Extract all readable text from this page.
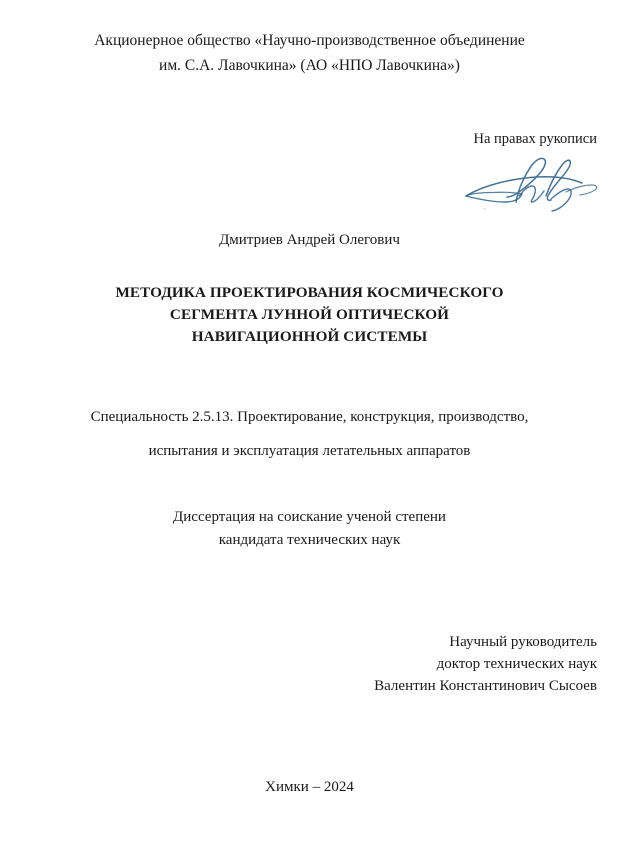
Акционерное общество «Научно-производственное объединение
им. С.А. Лавочкина» (АО «НПО Лавочкина»)
На правах рукописи
Дмитриев Андрей Олегович
МЕТОДИКА ПРОЕКТИРОВАНИЯ КОСМИЧЕСКОГО
СЕГМЕНТА ЛУННОЙ ОПТИЧЕСКОЙ
НАВИГАЦИОННОЙ СИСТЕМЫ
Специальность 2.5.13. Проектирование, конструкция, производство,
испытания и эксплуатация летательных аппаратов
Диссертация на соискание ученой степени
кандидата технических наук
Научный руководитель
доктор технических наук
Валентин Константинович Сысоев
Химки – 2024
